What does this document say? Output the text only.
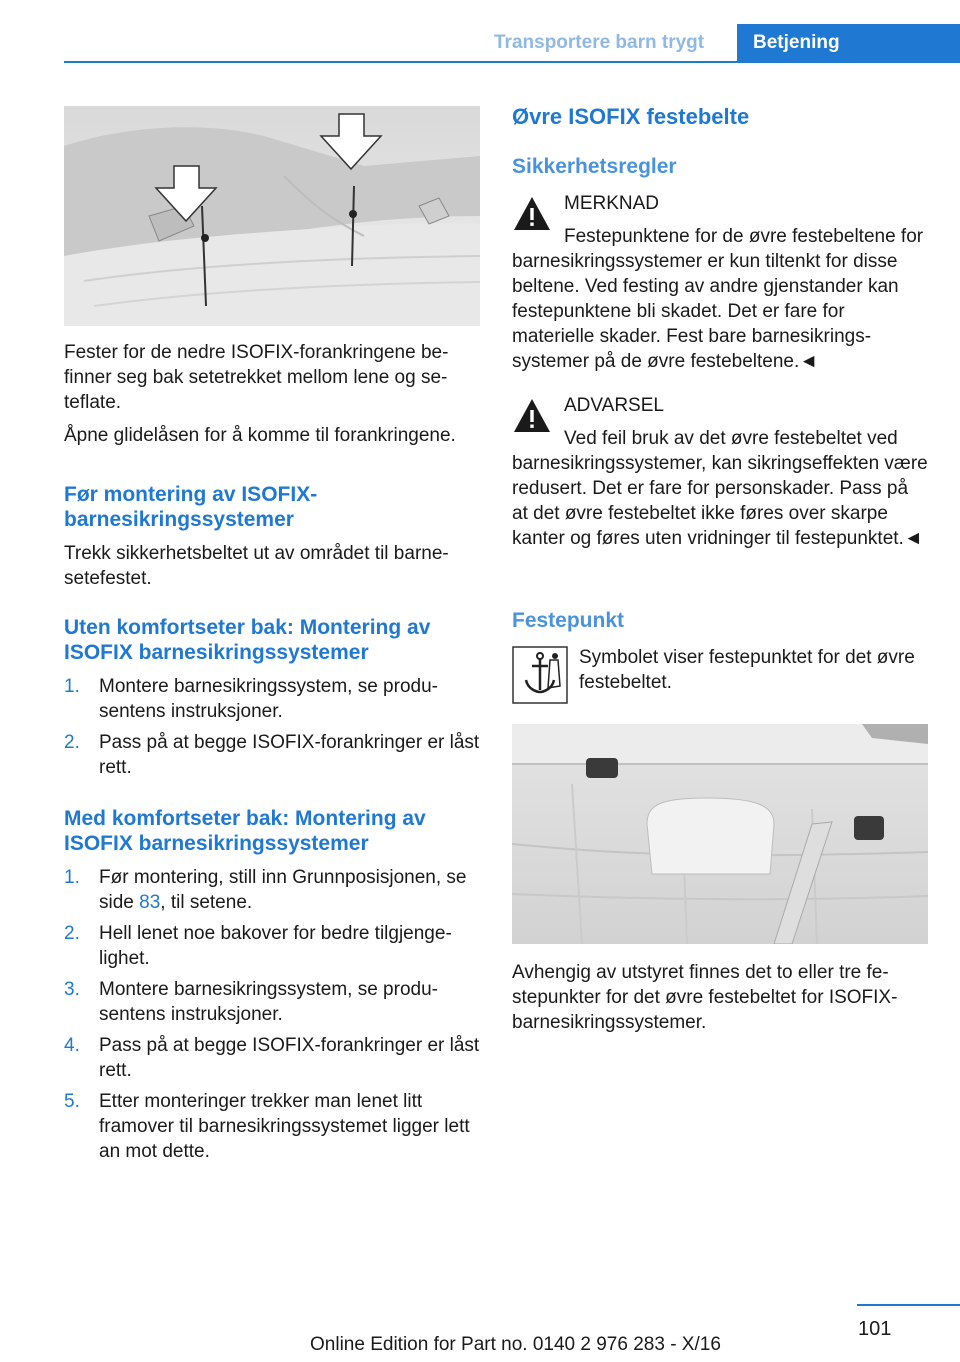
Transportere barn trygt	Betjening

Fester for de nedre ISOFIX-forankringene befinner seg bak setetrekket mellom lene og seteflate.

Åpne glidelåsen for å komme til forankringene.

Før montering av ISOFIX-barnesikringssystemer

Trekk sikkerhetsbeltet ut av området til barnesetefestet.

Uten komfortseter bak: Montering av ISOFIX barnesikringssystemer
1. Montere barnesikringssystem, se produsentens instruksjoner.
2. Pass på at begge ISOFIX-forankringer er låst rett.
Med komfortseter bak: Montering av ISOFIX barnesikringssystemer
1. Før montering, still inn Grunnposisjonen, se side 83, til setene.
2. Hell lenet noe bakover for bedre tilgjengelighet.
3. Montere barnesikringssystem, se produsentens instruksjoner.
4. Pass på at begge ISOFIX-forankringer er låst rett.
5. Etter monteringer trekker man lenet litt framover til barnesikringssystemet ligger lett an mot dette.
Øvre ISOFIX festebelte
Sikkerhetsregler

MERKNAD

Festepunktene for de øvre festebeltene for barnesikringssystemer er kun tiltenkt for disse beltene. Ved festing av andre gjenstander kan festepunktene bli skadet. Det er fare for materielle skader. Fest bare barnesikringssystemer på de øvre festebeltene.◄

ADVARSEL

Ved feil bruk av det øvre festebeltet ved barnesikringssystemer, kan sikringseffekten være redusert. Det er fare for personskader. Pass på at det øvre festebeltet ikke føres over skarpe kanter og føres uten vridninger til festepunktet.◄

Festepunkt

Symbolet viser festepunktet for det øvre festebeltet.

Avhengig av utstyret finnes det to eller tre festepunkter for det øvre festebeltet for ISOFIX-barnesikringssystemer.

101
Online Edition for Part no. 0140 2 976 283 - X/16
